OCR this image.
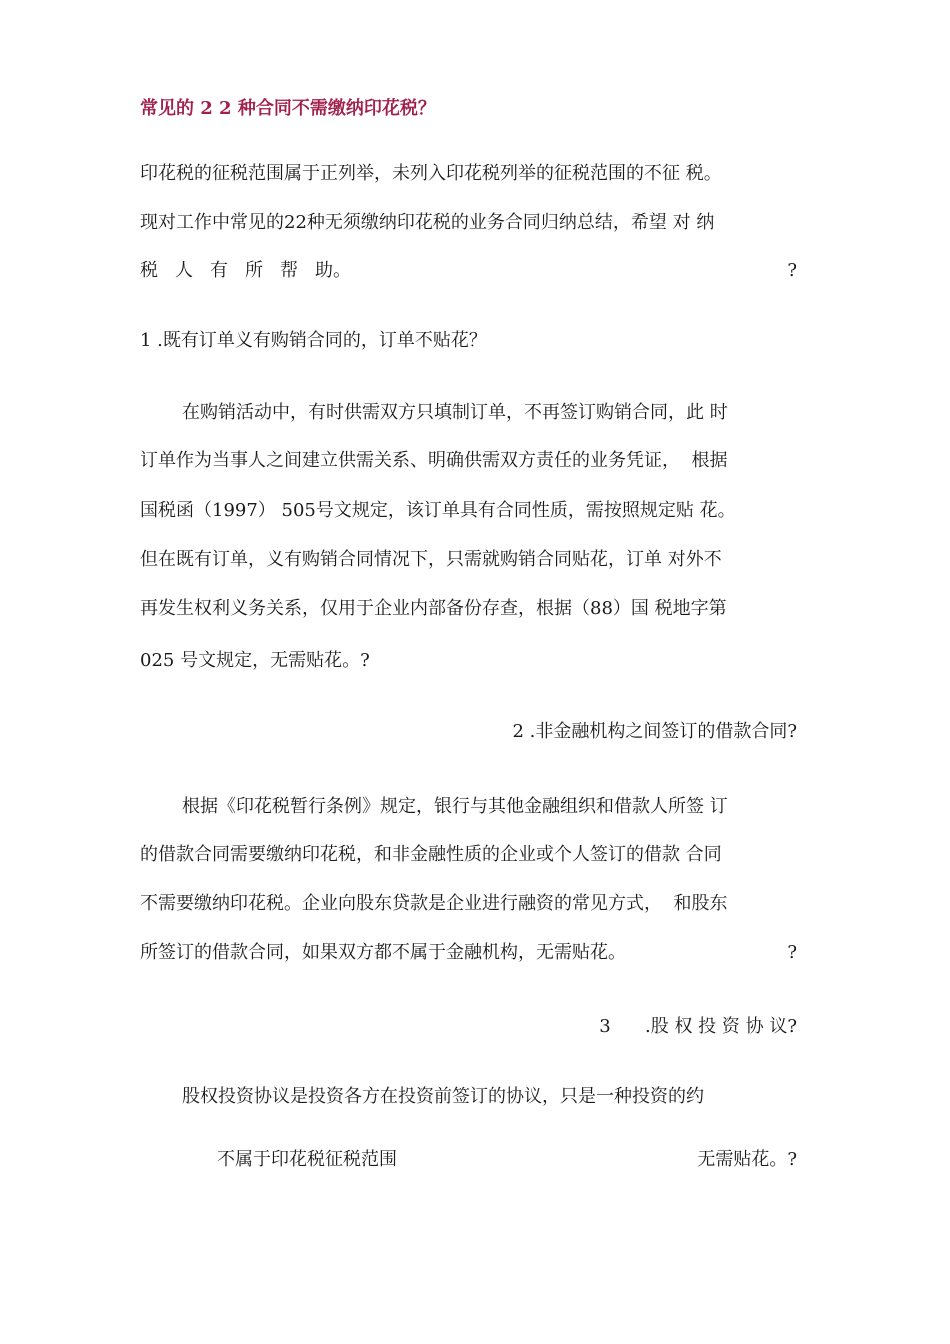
常见的 2 2 种合同不需缴纳印花税？
印花税的征税范围属于正列举，未列入印花税列举的征税范围的不征 税。
现对工作中常见的22种无须缴纳印花税的业务合同归纳总结，希望 对 纳
税 人 有 所 帮 助。	?
1 .既有订单义有购销合同的，订单不贴花？
在购销活动中，有时供需双方只填制订单，不再签订购销合同，此 时
订单作为当事人之间建立供需关系、明确供需双方责任的业务凭证，  根据
国税函（1997） 505号文规定，该订单具有合同性质，需按照规定贴 花。
但在既有订单，义有购销合同情况下，只需就购销合同贴花，订单 对外不
再发生权利义务关系，仅用于企业内部备份存查，根据（88）国 税地字第
025 号文规定，无需贴花。?
2 .非金融机构之间签订的借款合同?
根据《印花税暂行条例》规定，银行与其他金融组织和借款人所签 订
的借款合同需要缴纳印花税，和非金融性质的企业或个人签订的借款 合同
不需要缴纳印花税。企业向股东贷款是企业进行融资的常见方式，  和股东
所签订的借款合同，如果双方都不属于金融机构，无需贴花。	?
3      .股 权 投 资 协 议?
股权投资协议是投资各方在投资前签订的协议，只是一种投资的约
不属于印花税征税范围	无需贴花。?
